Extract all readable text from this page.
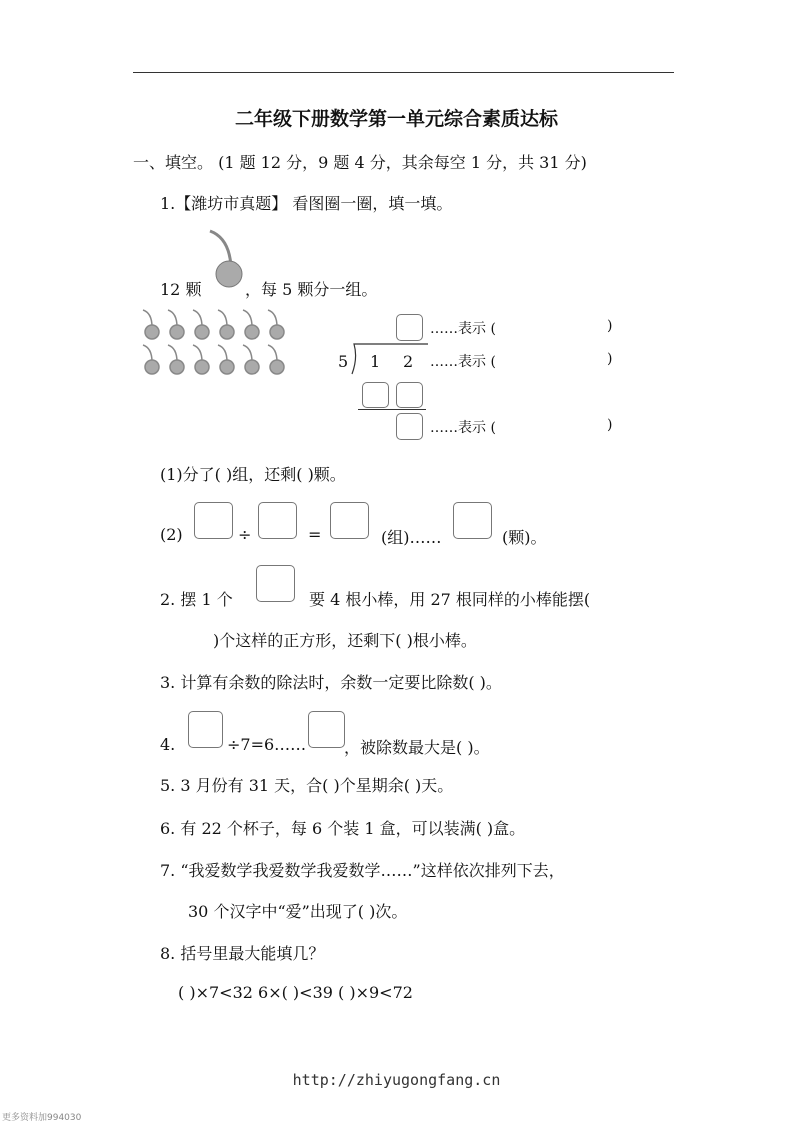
二年级下册数学第一单元综合素质达标
一、填空。 (1 题 12 分，9 题 4 分，其余每空 1 分，共 31 分)
1.【潍坊市真题】 看图圈一圈，填一填。
12 颗	，每 5 颗分一组。
……表示 (	)
5 1 2 ……表示 (	)
……表示 (	)
(1)分了( )组，还剩( )颗。
(2)	÷	=	(组)……	(颗)。
2. 摆 1 个	要 4 根小棒，用 27 根同样的小棒能摆(
)个这样的正方形，还剩下( )根小棒。
3. 计算有余数的除法时，余数一定要比除数( )。
4.	÷7=6…… ，被除数最大是( )。
5. 3 月份有 31 天，合( )个星期余( )天。
6. 有 22 个杯子，每 6 个装 1 盒，可以装满( )盒。
7. “我爱数学我爱数学我爱数学……”这样依次排列下去，
30 个汉字中“爱”出现了( )次。
8. 括号里最大能填几？
( )×7<32 6×( )<39 ( )×9<72
http://zhiyugongfang.cn
更多资料加994030
